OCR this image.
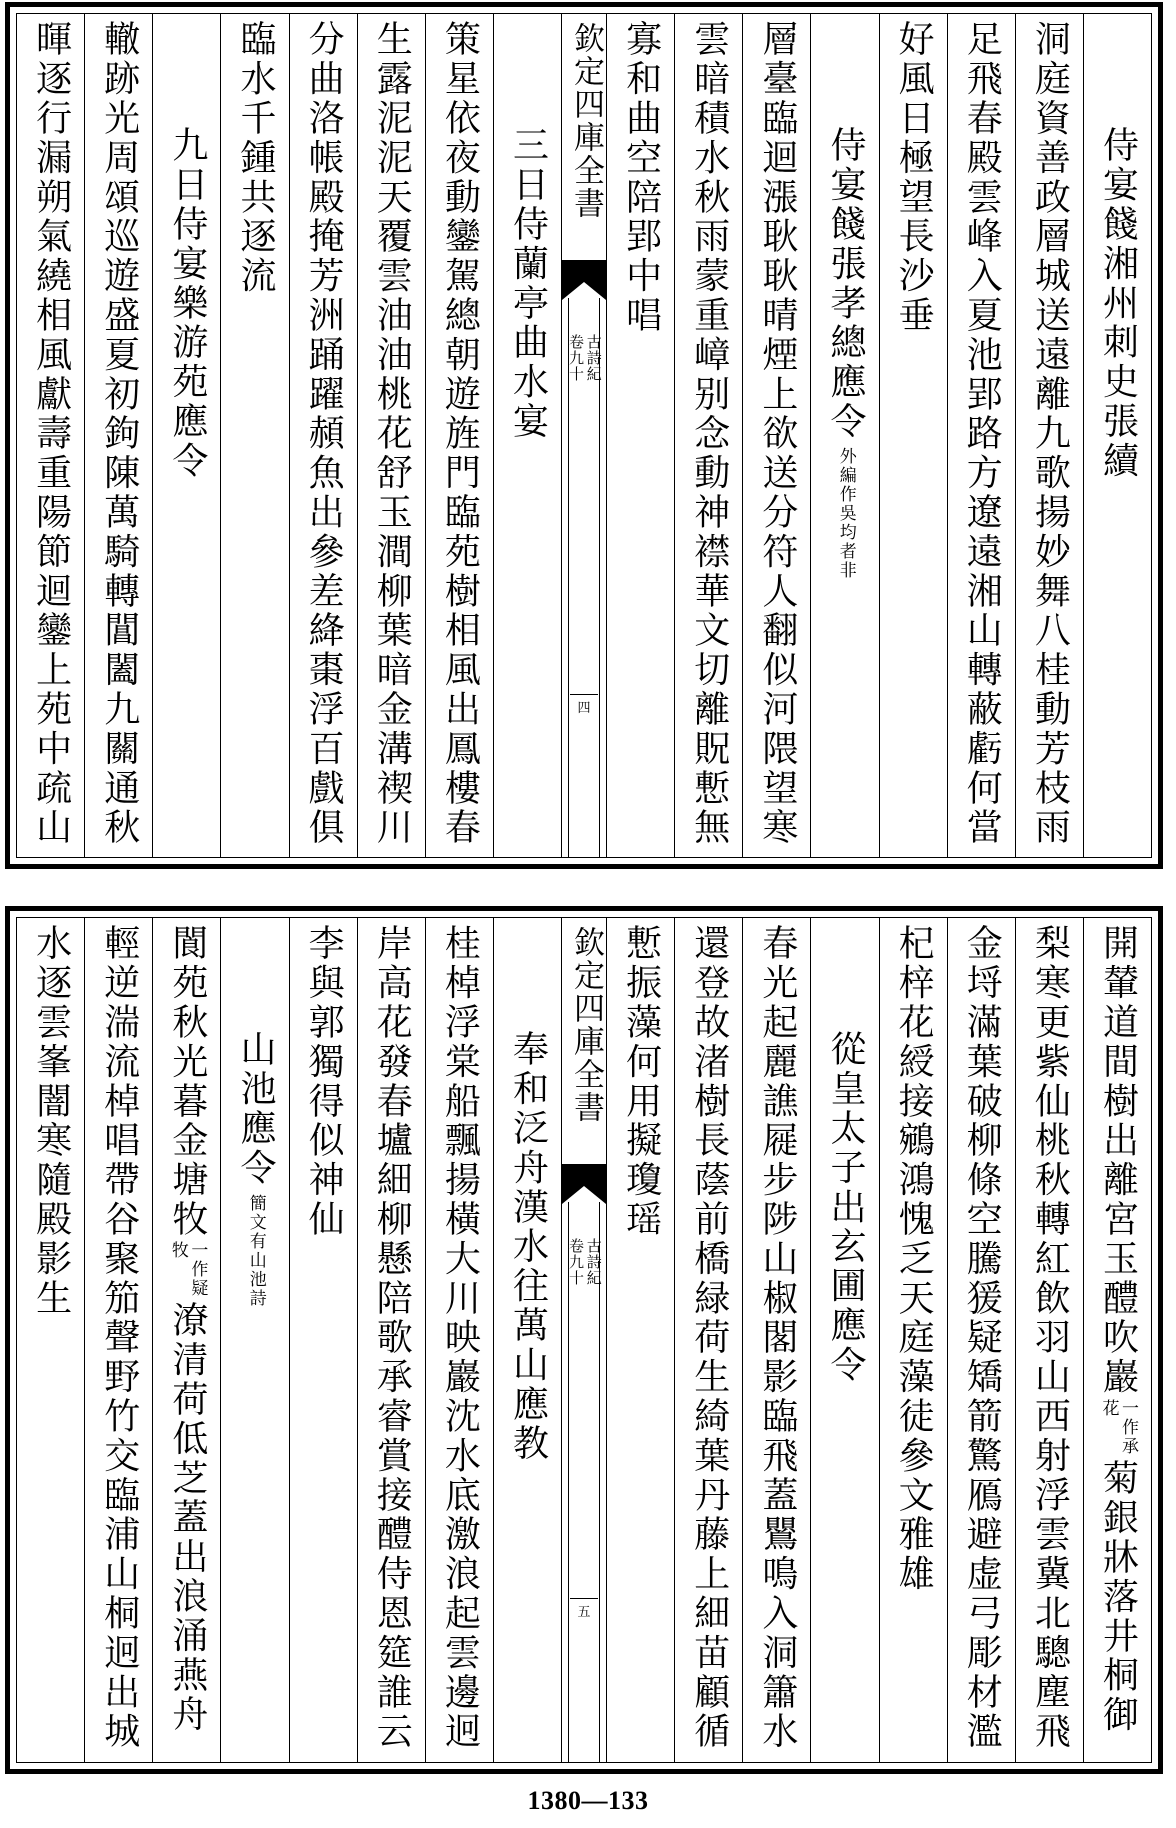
侍宴餞湘州刺史張續
洞庭資善政層城送遠離九歌揚妙舞八桂動芳枝雨
足飛春殿雲峰入夏池郢路方遼遠湘山轉蔽虧何當
好風日極望長沙垂
侍宴餞張孝總應令
外編作吳均者非
層臺臨迴漲耿耿晴煙上欲送分符人翻似河隈望寒
雲暗積水秋雨蒙重嶂别念動神襟華文切離貺慙無
寡和曲空陪郢中唱
欽定四庫全書
古詩紀
卷九十
四
三日侍蘭亭曲水宴
策星依夜動鑾駕總朝遊旌門臨苑樹相風出鳳樓春
生露泥泥天覆雲油油桃花舒玉澗柳葉暗金溝禊川
分曲洛帳殿掩芳洲踊躍頳魚出參差絳棗浮百戲俱
臨水千鍾共逐流
九日侍宴樂游苑應令
轍跡光周頌巡遊盛夏初鉤陳萬騎轉閶闔九關通秋
暉逐行漏朔氣繞相風獻壽重陽節迴鑾上苑中疏山
開輦道間樹出離宮玉醴吹巖
一作承花
菊銀牀落井桐御
梨寒更紫仙桃秋轉紅飲羽山西射浮雲冀北驄塵飛
金埒滿葉破柳條空騰猨疑矯箭驚鴈避虚弓彫材濫
杞梓花綬接鵷鴻愧乏天庭藻徒參文雅雄
從皇太子出玄圃應令
春光起麗譙屣步陟山椒閣影臨飛蓋鸎鳴入洞簫水
還登故渚樹長蔭前橋緑荷生綺葉丹藤上細苗顧循
慙振藻何用擬瓊瑶
欽定四庫全書
古詩紀
卷九十
五
奉和泛舟漢水往萬山應教
桂棹浮棠船飄揚橫大川映巖沈水底激浪起雲邊迥
岸高花發春壚細柳懸陪歌承睿賞接醴侍恩筵誰云
李與郭獨得似神仙
山池應令
簡文有山池詩
閬苑秋光暮金塘牧
一作疑牧
潦清荷低芝蓋出浪涌燕舟
輕逆湍流棹唱帶谷聚笳聲野竹交臨浦山桐迥出城
水逐雲峯闇寒隨殿影生
1380—133
